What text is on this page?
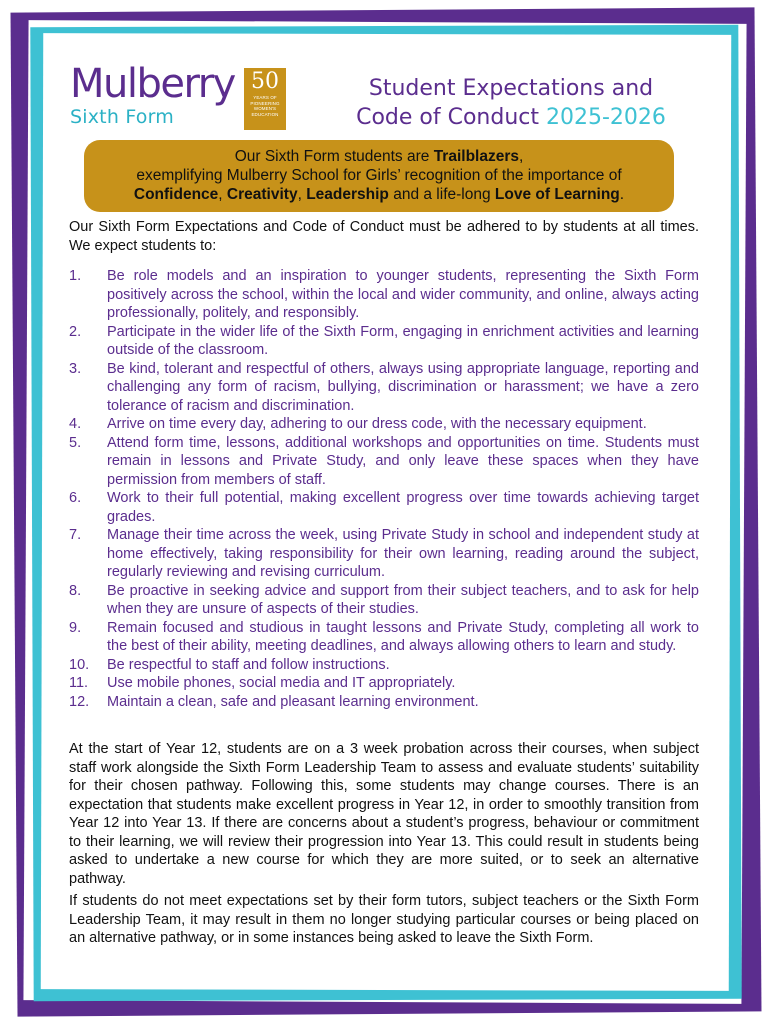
Mulberry
Sixth Form
50
YEARS OF PIONEERING WOMEN'S EDUCATION
Student Expectations and
Code of Conduct 2025-2026
Our Sixth Form students are Trailblazers,
exemplifying Mulberry School for Girls’ recognition of the importance of
Confidence, Creativity, Leadership and a life-long Love of Learning.

Our Sixth Form Expectations and Code of Conduct must be adhered to by students at all times. We expect students to:

1.	Be role models and an inspiration to younger students, representing the Sixth Form positively across the school, within the local and wider community, and online, always acting professionally, politely, and responsibly.
2.	Participate in the wider life of the Sixth Form, engaging in enrichment activities and learning outside of the classroom.
3.	Be kind, tolerant and respectful of others, always using appropriate language, reporting and challenging any form of racism, bullying, discrimination or harassment; we have a zero tolerance of racism and discrimination.
4.	Arrive on time every day, adhering to our dress code, with the necessary equipment.
5.	Attend form time, lessons, additional workshops and opportunities on time. Students must remain in lessons and Private Study, and only leave these spaces when they have permission from members of staff.
6.	Work to their full potential, making excellent progress over time towards achieving target grades.
7.	Manage their time across the week, using Private Study in school and independent study at home effectively, taking responsibility for their own learning, reading around the subject, regularly reviewing and revising curriculum.
8.	Be proactive in seeking advice and support from their subject teachers, and to ask for help when they are unsure of aspects of their studies.
9.	Remain focused and studious in taught lessons and Private Study, completing all work to the best of their ability, meeting deadlines, and always allowing others to learn and study.
10.	Be respectful to staff and follow instructions.
11.	Use mobile phones, social media and IT appropriately.
12.	Maintain a clean, safe and pleasant learning environment.

At the start of Year 12, students are on a 3 week probation across their courses, when subject staff work alongside the Sixth Form Leadership Team to assess and evaluate students’ suitability for their chosen pathway. Following this, some students may change courses. There is an expectation that students make excellent progress in Year 12, in order to smoothly transition from Year 12 into Year 13. If there are concerns about a student’s progress, behaviour or commitment to their learning, we will review their progression into Year 13. This could result in students being asked to undertake a new course for which they are more suited, or to seek an alternative pathway.

If students do not meet expectations set by their form tutors, subject teachers or the Sixth Form Leadership Team, it may result in them no longer studying particular courses or being placed on an alternative pathway, or in some instances being asked to leave the Sixth Form.
